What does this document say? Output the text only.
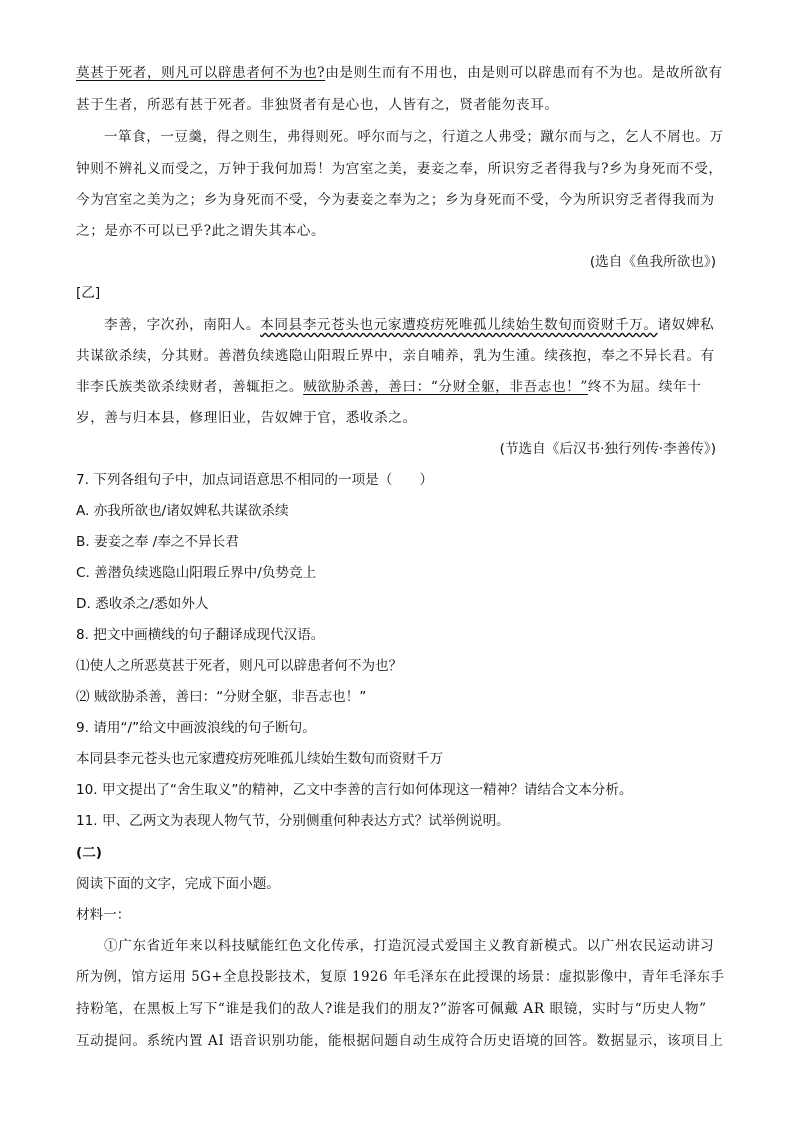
莫甚于死者，则凡可以辟患者何不为也?由是则生而有不用也，由是则可以辟患而有不为也。是故所欲有
甚于生者，所恶有甚于死者。非独贤者有是心也，人皆有之，贤者能勿丧耳。
一箪食，一豆羹，得之则生，弗得则死。呼尔而与之，行道之人弗受；蹴尔而与之，乞人不屑也。万
钟则不辨礼义而受之，万钟于我何加焉！为宫室之美，妻妾之奉，所识穷乏者得我与?乡为身死而不受，
今为宫室之美为之；乡为身死而不受，今为妻妾之奉为之；乡为身死而不受，今为所识穷乏者得我而为
之；是亦不可以已乎?此之谓失其本心。
(选自《鱼我所欲也》)
[乙]
李善，字次孙，南阳人。本同县李元苍头也元家遭疫疠死唯孤儿续始生数旬而资财千万。诸奴婢私
共谋欲杀续，分其财。善潜负续逃隐山阳瑕丘界中，亲自哺养，乳为生湩。续孩抱，奉之不异长君。有
非李氏族类欲杀续财者，善辄拒之。贼欲胁杀善，善曰：“分财全躯，非吾志也！”终不为屈。续年十
岁，善与归本县，修理旧业，告奴婢于官，悉收杀之。
(节选自《后汉书·独行列传·李善传》)
7. 下列各组句子中，加点词语意思不相同的一项是（　　）
A. 亦我所欲也/诸奴婢私共谋欲杀续
B. 妻妾之奉 /奉之不异长君
C. 善潜负续逃隐山阳瑕丘界中/负势竞上
D. 悉收杀之/悉如外人
8. 把文中画横线的句子翻译成现代汉语。
⑴使人之所恶莫甚于死者，则凡可以辟患者何不为也？
⑵ 贼欲胁杀善，善曰：“分财全躯，非吾志也！”
9. 请用“/”给文中画波浪线的句子断句。
本同县李元苍头也元家遭疫疠死唯孤儿续始生数旬而资财千万
10. 甲文提出了“舍生取义”的精神，乙文中李善的言行如何体现这一精神？请结合文本分析。
11. 甲、乙两文为表现人物气节，分别侧重何种表达方式？试举例说明。
(二)
阅读下面的文字，完成下面小题。
材料一：
①广东省近年来以科技赋能红色文化传承，打造沉浸式爱国主义教育新模式。以广州农民运动讲习
所为例，馆方运用 5G+全息投影技术，复原 1926 年毛泽东在此授课的场景：虚拟影像中，青年毛泽东手
持粉笔，在黑板上写下“谁是我们的敌人?谁是我们的朋友?”游客可佩戴 AR 眼镜，实时与“历史人物”
互动提问。系统内置 AI 语音识别功能，能根据问题自动生成符合历史语境的回答。数据显示，该项目上
